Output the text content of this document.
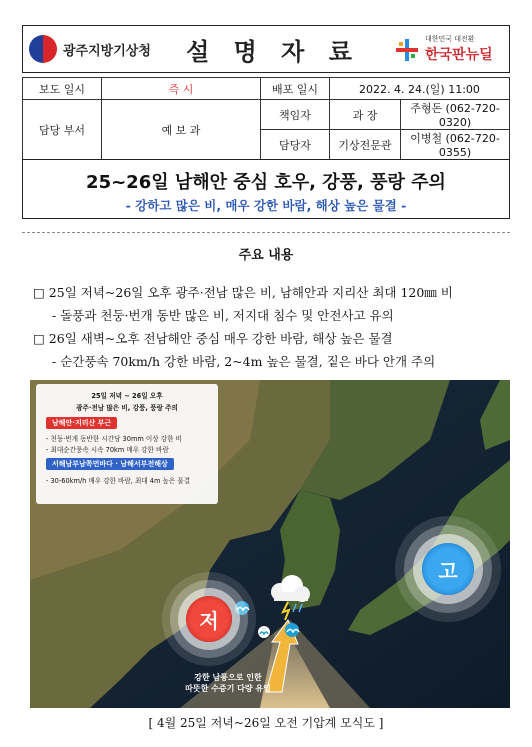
광주지방기상청 설 명 자 료	대한민국 대전환
한국판뉴딜
보도 일시	즉 시	배포 일시	2022. 4. 24.(일) 11:00	
담당 부서	예 보 과	책임자	과 장	주형돈 (062-720-0320)
		담당자	기상전문관	이병철 (062-720-0355)
25~26일 남해안 중심 호우, 강풍, 풍랑 주의
- 강하고 많은 비, 매우 강한 바람, 해상 높은 물결 -
주요 내용
□ 25일 저녁~26일 오후 광주·전남 많은 비, 남해안과 지리산 최대 120㎜ 비
- 돌풍과 천둥·번개 동반 많은 비, 저지대 침수 및 안전사고 유의
□ 26일 새벽~오후 전남해안 중심 매우 강한 바람, 해상 높은 물결
- 순간풍속 70km/h 강한 바람, 2~4m 높은 물결, 짙은 바다 안개 주의
25일 저녁 ~ 26일 오후
광주·전남 많은 비, 강풍, 풍랑 주의
남해안·지리산 부근
- 천둥·번개 동반한 시간당 30mm 이상 강한 비
- 최대순간풍속 시속 70km 매우 강한 바람
서해남부남쪽먼바다 · 남해서부전해상
- 30-60km/h 매우 강한 바람, 최대 4m 높은 물결
저
고
강한 남풍으로 인한
따뜻한 수증기 다량 유입
[ 4월 25일 저녁~26일 오전 기압계 모식도 ]
